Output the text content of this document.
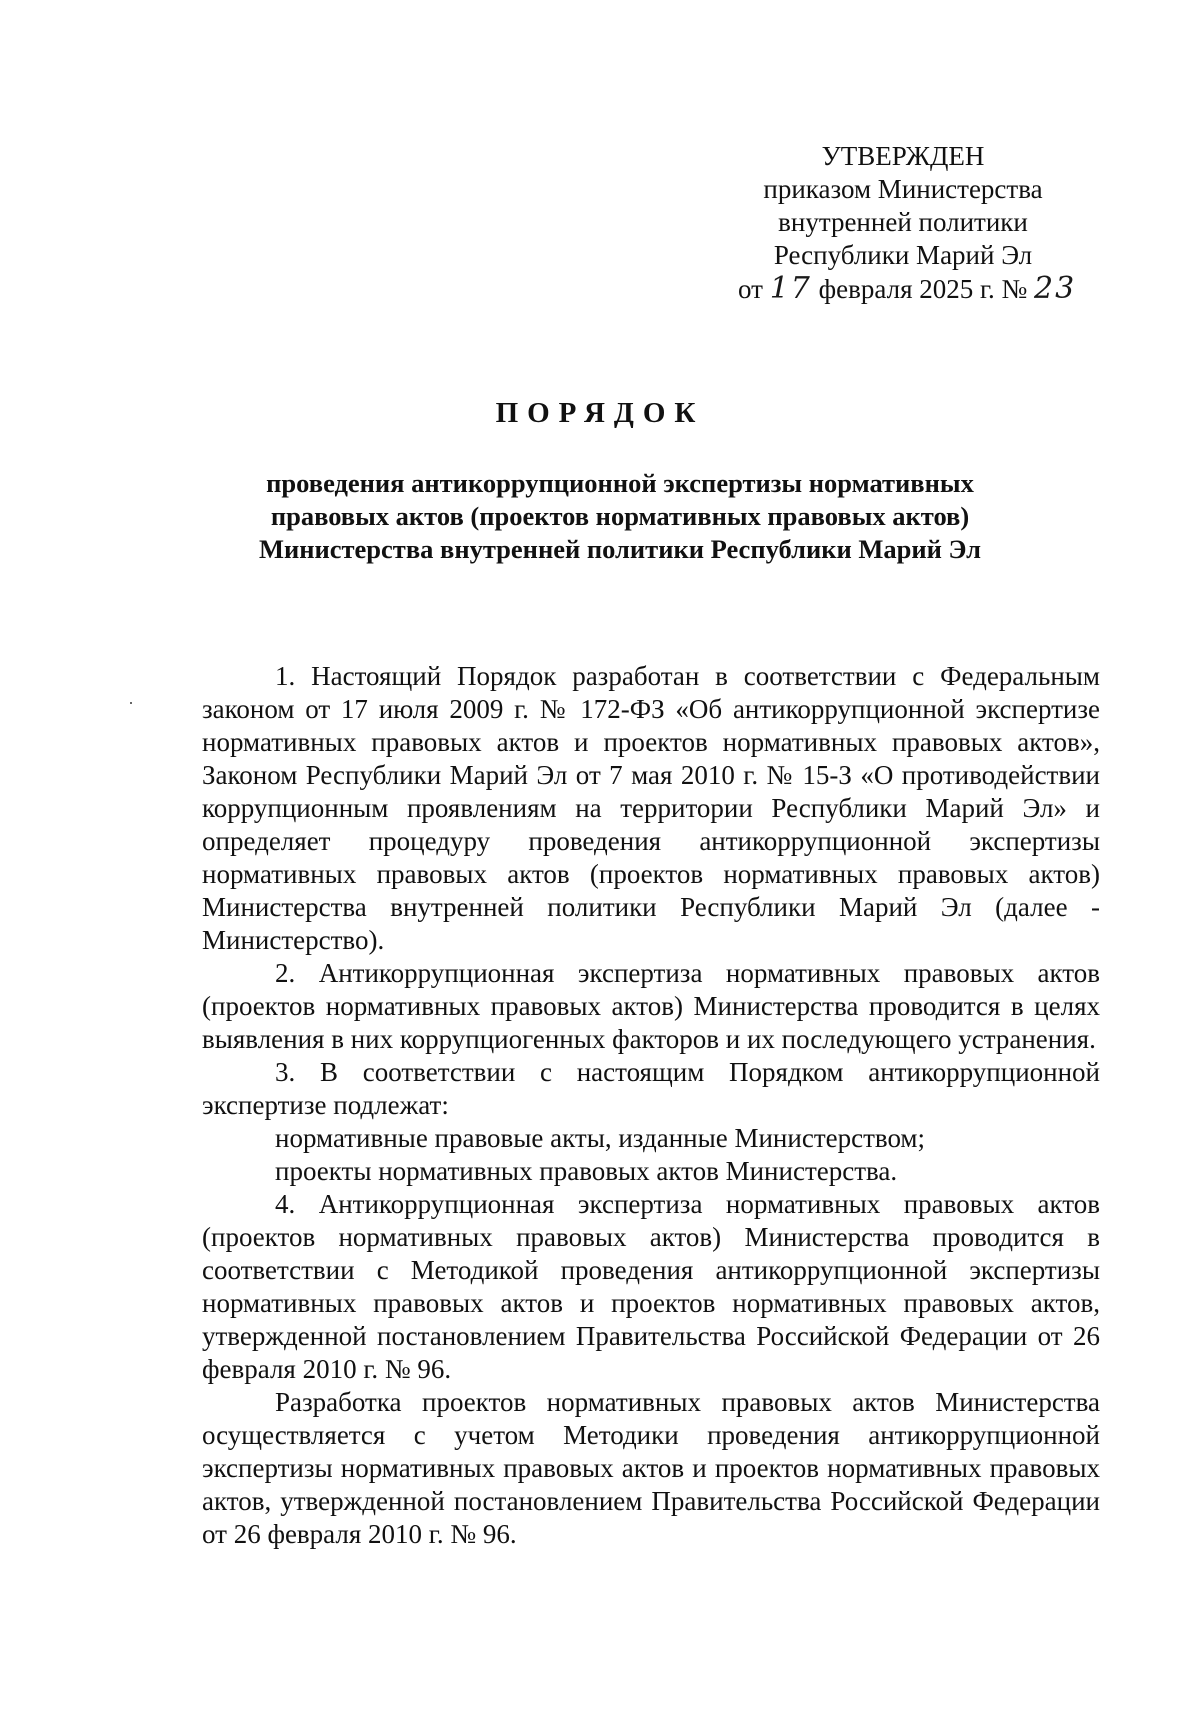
УТВЕРЖДЕН
приказом Министерства
внутренней политики
Республики Марий Эл
от 17 февраля 2025 г. № 23
ПОРЯДОК
проведения антикоррупционной экспертизы нормативных
правовых актов (проектов нормативных правовых актов)
Министерства внутренней политики Республики Марий Эл

1. Настоящий Порядок разработан в соответствии с Федеральным законом от 17 июля 2009 г. № 172-ФЗ «Об антикоррупционной экспертизе нормативных правовых актов и проектов нормативных правовых актов», Законом Республики Марий Эл от 7 мая 2010 г. № 15-З «О противодействии коррупционным проявлениям на территории Республики Марий Эл» и определяет процедуру проведения антикоррупционной экспертизы нормативных правовых актов (проектов нормативных правовых актов) Министерства внутренней политики Республики Марий Эл (далее - Министерство).

2. Антикоррупционная экспертиза нормативных правовых актов (проектов нормативных правовых актов) Министерства проводится в целях выявления в них коррупциогенных факторов и их последующего устранения.

3. В соответствии с настоящим Порядком антикоррупционной экспертизе подлежат:

нормативные правовые акты, изданные Министерством;

проекты нормативных правовых актов Министерства.

4. Антикоррупционная экспертиза нормативных правовых актов (проектов нормативных правовых актов) Министерства проводится в соответствии с Методикой проведения антикоррупционной экспертизы нормативных правовых актов и проектов нормативных правовых актов, утвержденной постановлением Правительства Российской Федерации от 26 февраля 2010 г. № 96.

Разработка проектов нормативных правовых актов Министерства осуществляется с учетом Методики проведения антикоррупционной экспертизы нормативных правовых актов и проектов нормативных правовых актов, утвержденной постановлением Правительства Российской Федерации от 26 февраля 2010 г. № 96.
